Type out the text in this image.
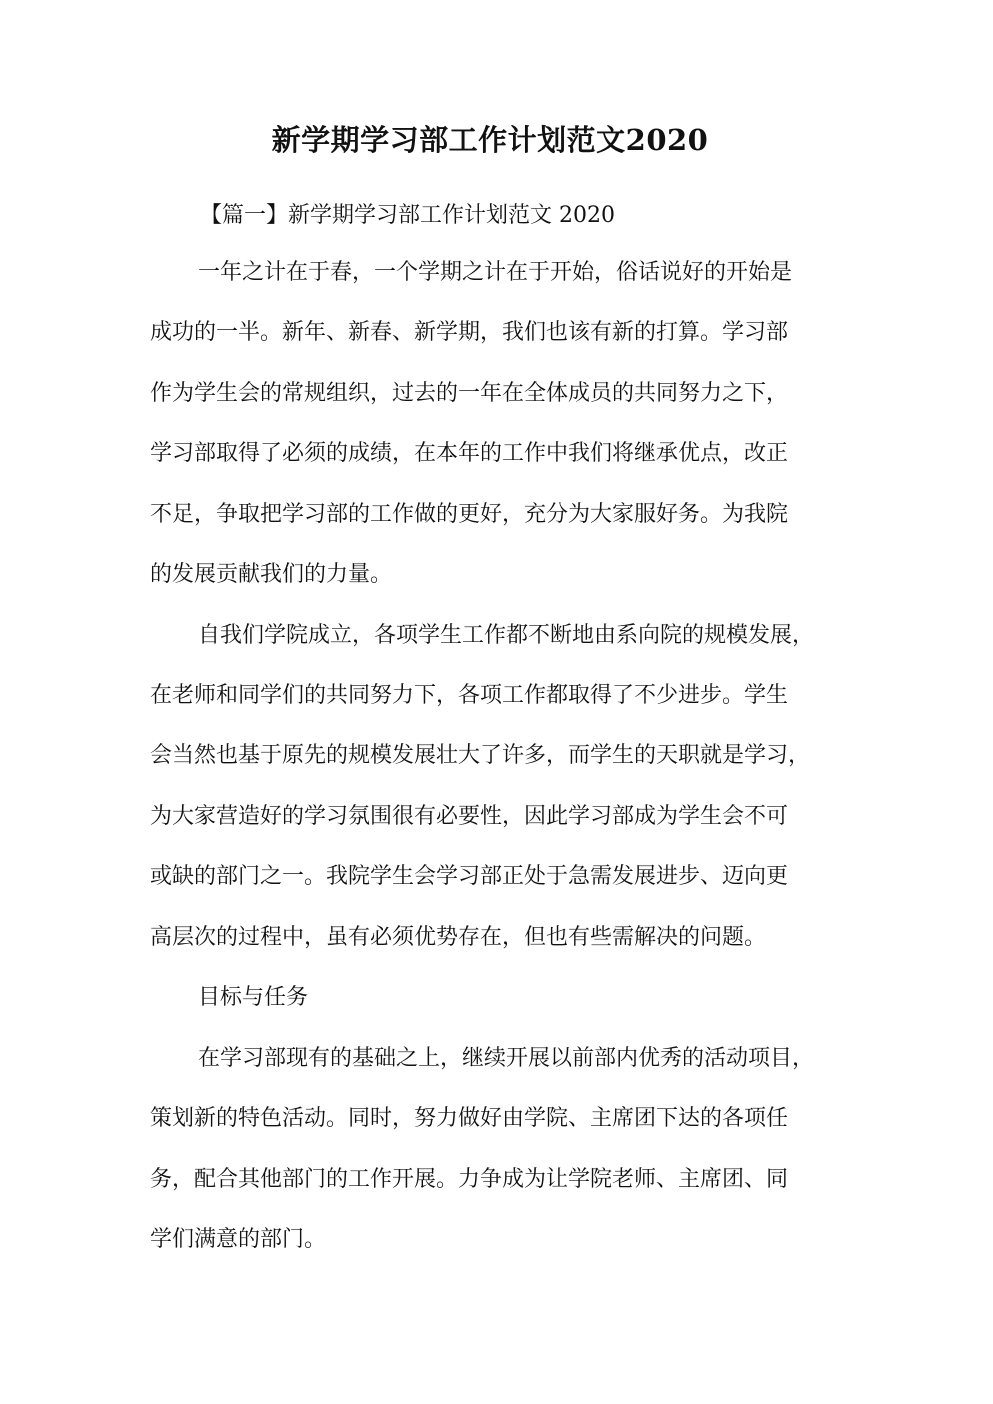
新学期学习部工作计划范文2020
【篇一】新学期学习部工作计划范文 2020
一年之计在于春，一个学期之计在于开始，俗话说好的开始是
成功的一半。新年、新春、新学期，我们也该有新的打算。学习部
作为学生会的常规组织，过去的一年在全体成员的共同努力之下，
学习部取得了必须的成绩，在本年的工作中我们将继承优点，改正
不足，争取把学习部的工作做的更好，充分为大家服好务。为我院
的发展贡献我们的力量。
自我们学院成立，各项学生工作都不断地由系向院的规模发展，
在老师和同学们的共同努力下，各项工作都取得了不少进步。学生
会当然也基于原先的规模发展壮大了许多，而学生的天职就是学习，
为大家营造好的学习氛围很有必要性，因此学习部成为学生会不可
或缺的部门之一。我院学生会学习部正处于急需发展进步、迈向更
高层次的过程中，虽有必须优势存在，但也有些需解决的问题。
目标与任务
在学习部现有的基础之上，继续开展以前部内优秀的活动项目，
策划新的特色活动。同时，努力做好由学院、主席团下达的各项任
务，配合其他部门的工作开展。力争成为让学院老师、主席团、同
学们满意的部门。
